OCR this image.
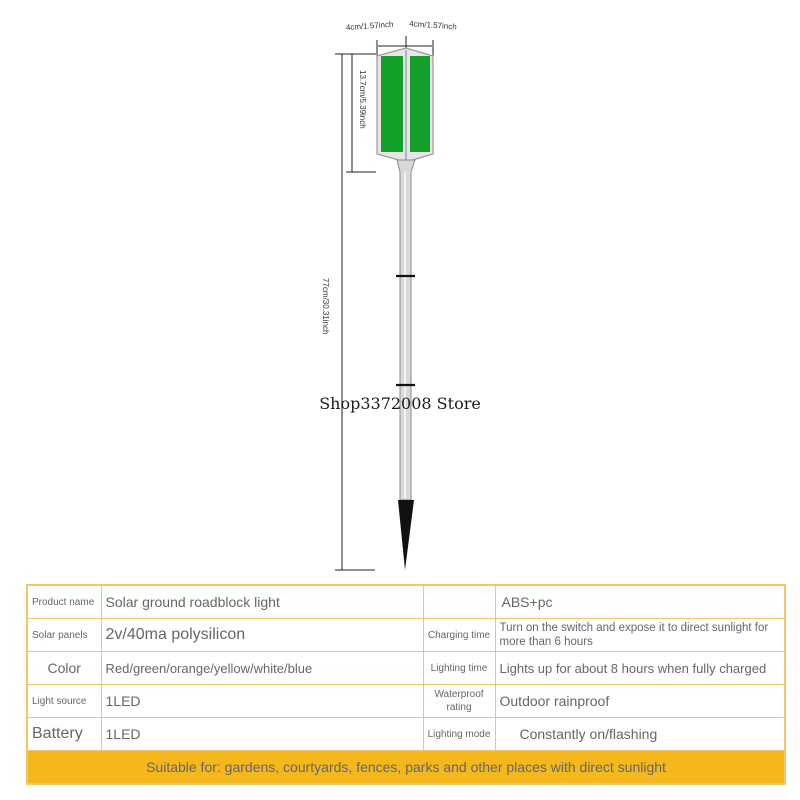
4cm/1.57inch 4cm/1.57inch
13.7cm/5.39inch
77cm/30.31inch
Shop3372008 Store
Product name	Solar ground roadblock light		ABS+pc
Solar panels	2v/40ma polysilicon	Charging time	Turn on the switch and expose it to direct sunlight for more than 6 hours
Color	Red/green/orange/yellow/white/blue	Lighting time	Lights up for about 8 hours when fully charged
Light source	1LED	Waterproof rating	Outdoor rainproof
Battery	1LED	Lighting mode	Constantly on/flashing
Suitable for: gardens, courtyards, fences, parks and other places with direct sunlight			
